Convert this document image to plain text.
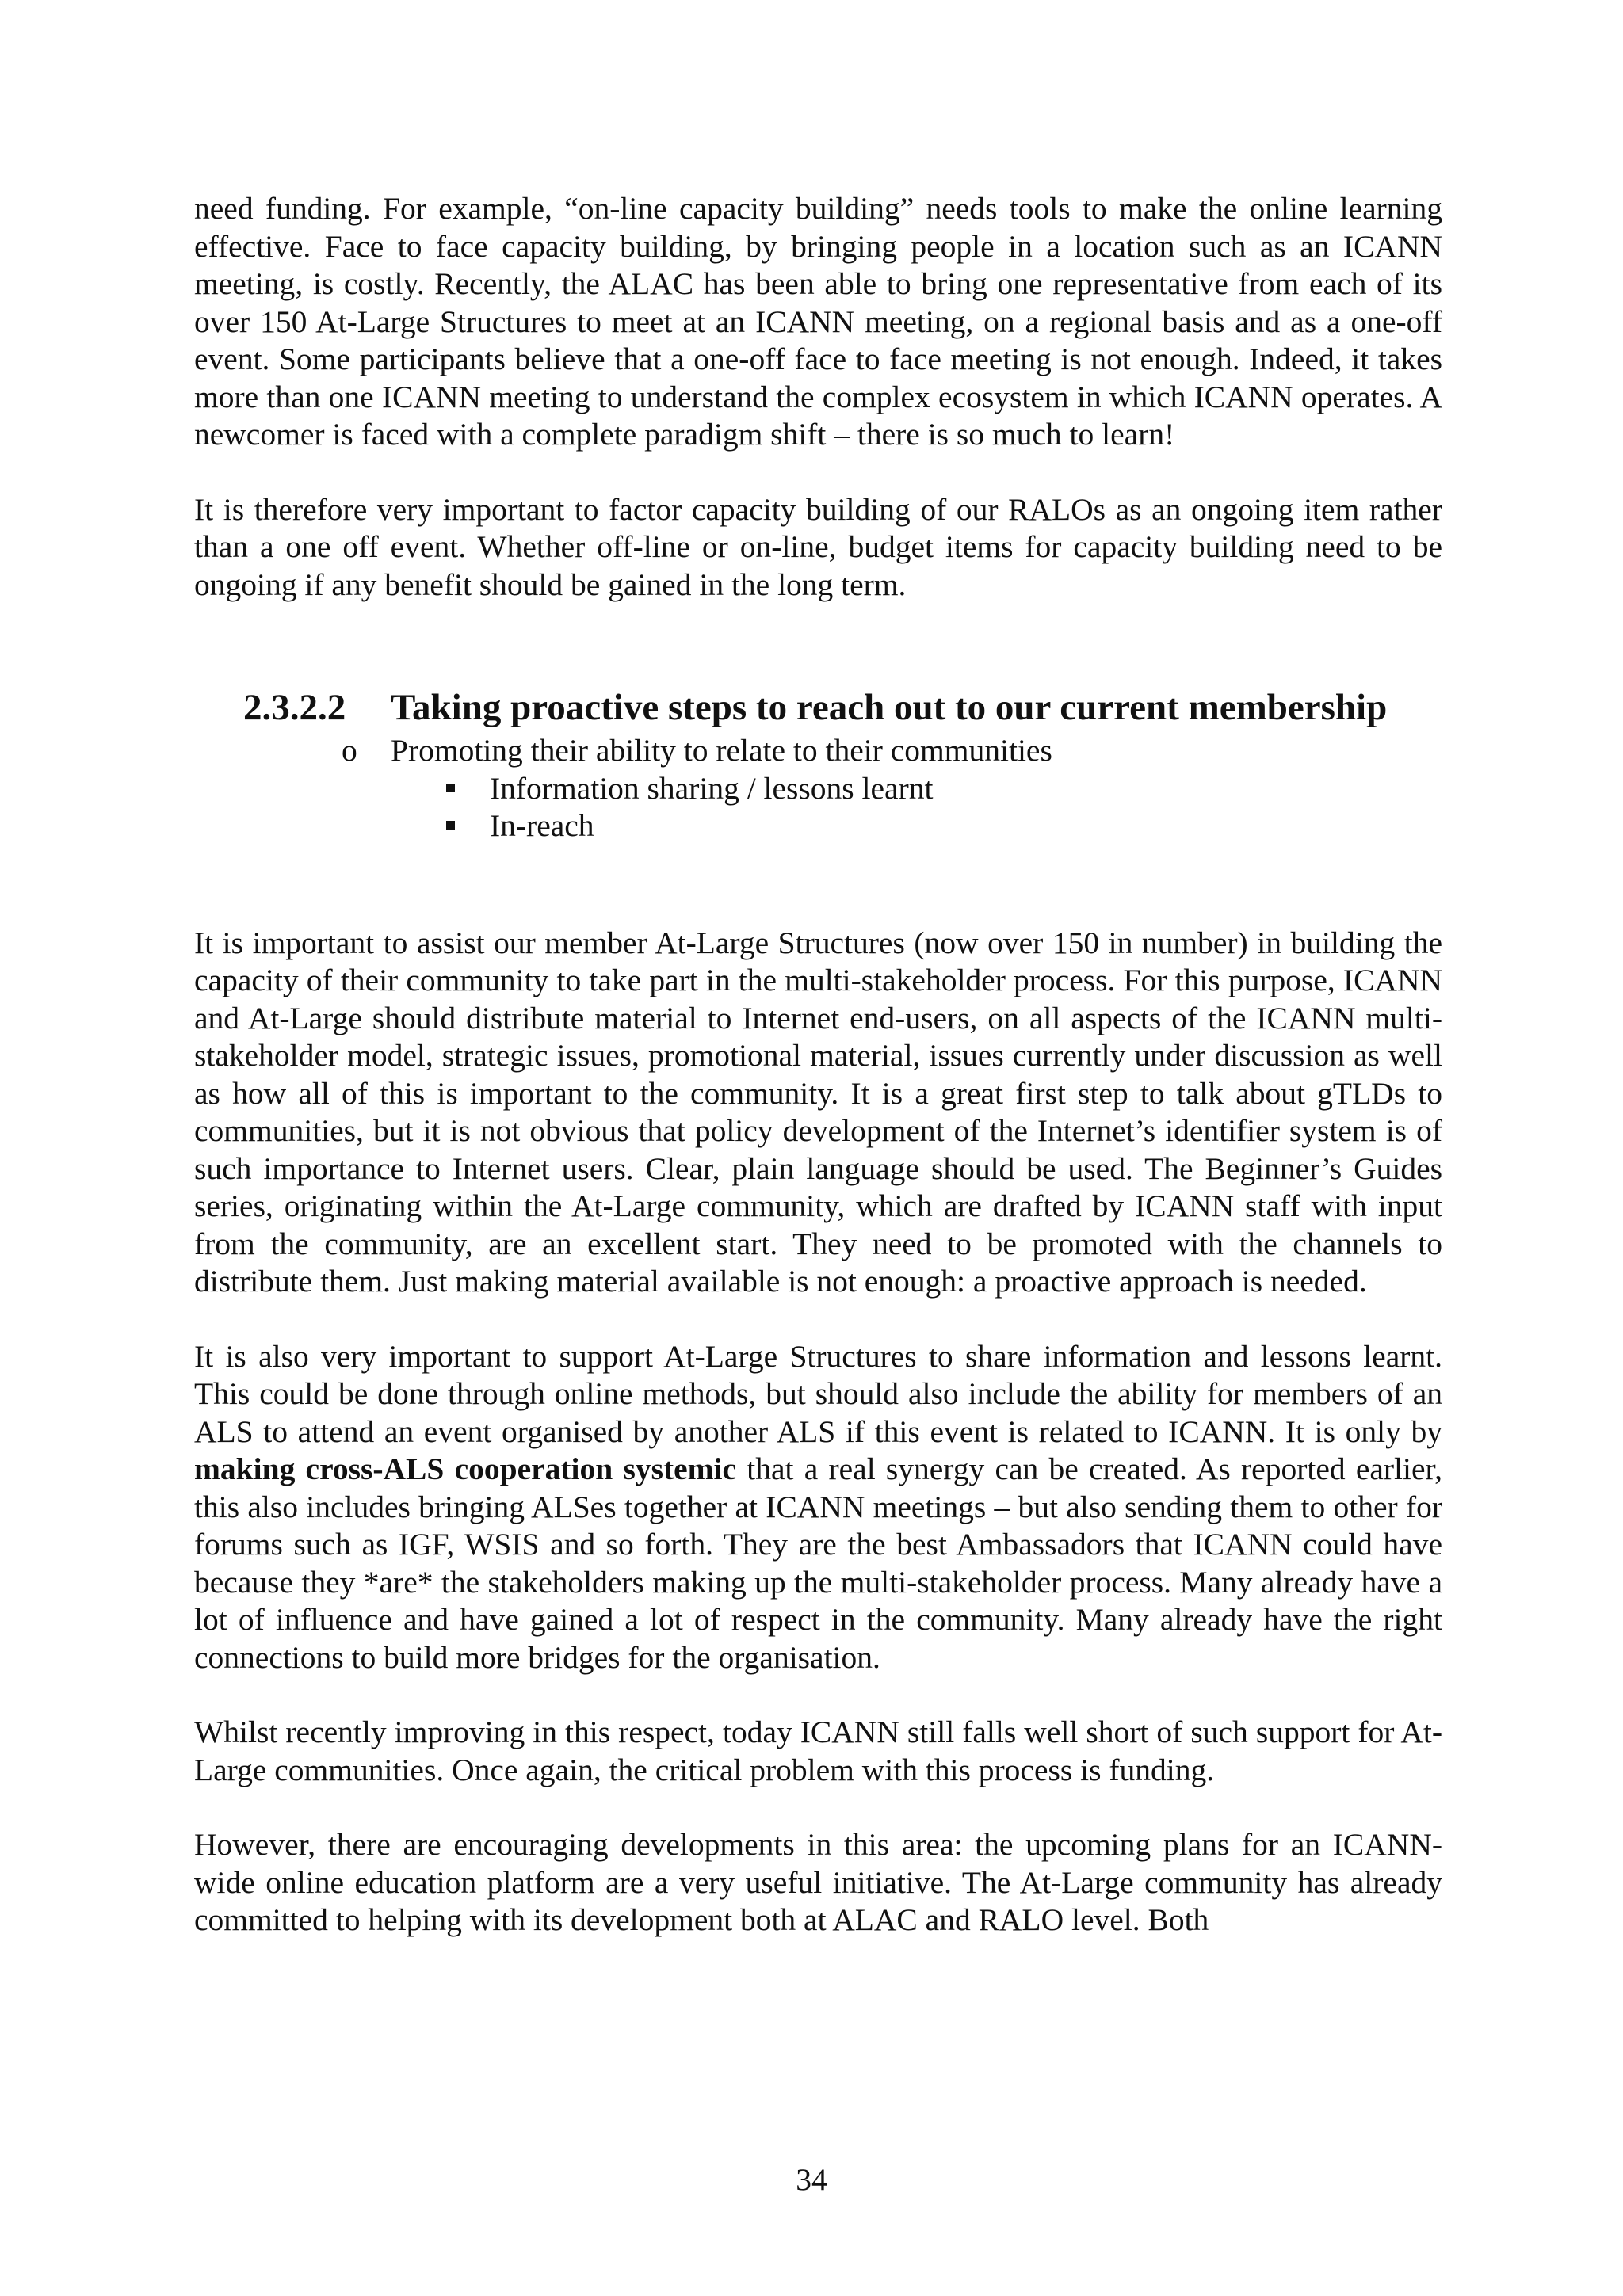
need funding. For example, “on-line capacity building” needs tools to make the online learning effective. Face to face capacity building, by bringing people in a location such as an ICANN meeting, is costly. Recently, the ALAC has been able to bring one representative from each of its over 150 At-Large Structures to meet at an ICANN meeting, on a regional basis and as a one-off event. Some participants believe that a one-off face to face meeting is not enough. Indeed, it takes more than one ICANN meeting to understand the complex ecosystem in which ICANN operates. A newcomer is faced with a complete paradigm shift – there is so much to learn!

It is therefore very important to factor capacity building of our RALOs as an ongoing item rather than a one off event. Whether off-line or on-line, budget items for capacity building need to be ongoing if any benefit should be gained in the long term.

2.3.2.2 Taking proactive steps to reach out to our current membership
o Promoting their ability to relate to their communities
Information sharing / lessons learnt
In-reach

It is important to assist our member At-Large Structures (now over 150 in number) in building the capacity of their community to take part in the multi-stakeholder process. For this purpose, ICANN and At-Large should distribute material to Internet end-users, on all aspects of the ICANN multi-stakeholder model, strategic issues, promotional material, issues currently under discussion as well as how all of this is important to the community. It is a great first step to talk about gTLDs to communities, but it is not obvious that policy development of the Internet’s identifier system is of such importance to Internet users. Clear, plain language should be used. The Beginner’s Guides series, originating within the At-Large community, which are drafted by ICANN staff with input from the community, are an excellent start. They need to be promoted with the channels to distribute them. Just making material available is not enough: a proactive approach is needed.

It is also very important to support At-Large Structures to share information and lessons learnt. This could be done through online methods, but should also include the ability for members of an ALS to attend an event organised by another ALS if this event is related to ICANN. It is only by making cross-ALS cooperation systemic that a real synergy can be created. As reported earlier, this also includes bringing ALSes together at ICANN meetings – but also sending them to other for forums such as IGF, WSIS and so forth. They are the best Ambassadors that ICANN could have because they *are* the stakeholders making up the multi-stakeholder process. Many already have a lot of influence and have gained a lot of respect in the community. Many already have the right connections to build more bridges for the organisation.

Whilst recently improving in this respect, today ICANN still falls well short of such support for At-Large communities. Once again, the critical problem with this process is funding.

However, there are encouraging developments in this area: the upcoming plans for an ICANN-wide online education platform are a very useful initiative. The At-Large community has already committed to helping with its development both at ALAC and RALO level. Both

34
